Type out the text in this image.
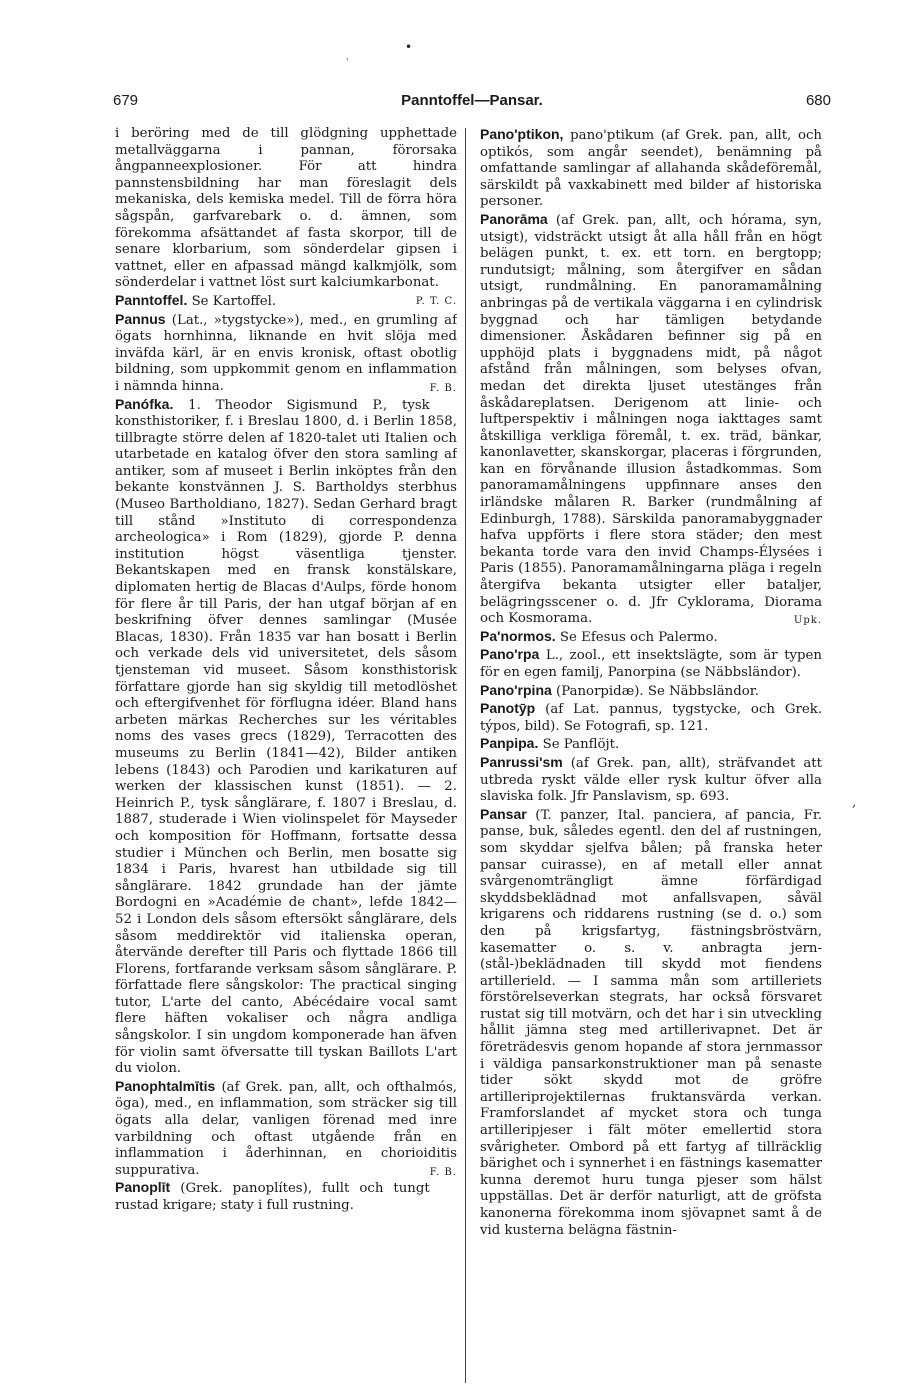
•
'
679	Panntoffel—Pansar.	680

i beröring med de till glödgning upphettade metallväggarna i pannan, förorsaka ångpanneexplosioner. För att hindra pannstensbildning har man föreslagit dels mekaniska, dels kemiska medel. Till de förra höra sågspån, garfvarebark o. d. ämnen, som förekomma afsättandet af fasta skorpor, till de senare klorbarium, som sönderdelar gipsen i vattnet, eller en afpassad mängd kalkmjölk, som sönderdelar i vattnet löst surt kalciumkarbonat.
P. T. C.

Panntoffel. Se Kartoffel.

Pannus (Lat., »tygstycke»), med., en grumling af ögats hornhinna, liknande en hvit slöja med inväfda kärl, är en envis kronisk, oftast obotlig bildning, som uppkommit genom en inflammation i nämnda hinna.	F. B.

Panófka. 1. Theodor Sigismund P., tysk konsthistoriker, f. i Breslau 1800, d. i Berlin 1858, tillbragte större delen af 1820-talet uti Italien och utarbetade en katalog öfver den stora samling af antiker, som af museet i Berlin inköptes från den bekante konstvännen J. S. Bartholdys sterbhus (Museo Bartholdiano, 1827). Sedan Gerhard bragt till stånd »Instituto di correspondenza archeologica» i Rom (1829), gjorde P. denna institution högst väsentliga tjenster. Bekantskapen med en fransk konstälskare, diplomaten hertig de Blacas d'Aulps, förde honom för flere år till Paris, der han utgaf början af en beskrifning öfver dennes samlingar (Musée Blacas, 1830). Från 1835 var han bosatt i Berlin och verkade dels vid universitetet, dels såsom tjensteman vid museet. Såsom konsthistorisk författare gjorde han sig skyldig till metodlöshet och eftergifvenhet för förflugna idéer. Bland hans arbeten märkas Recherches sur les véritables noms des vases grecs (1829), Terracotten des museums zu Berlin (1841—42), Bilder antiken lebens (1843) och Parodien und karikaturen auf werken der klassischen kunst (1851). — 2. Heinrich P., tysk sånglärare, f. 1807 i Breslau, d. 1887, studerade i Wien violinspelet för Mayseder och komposition för Hoffmann, fortsatte dessa studier i München och Berlin, men bosatte sig 1834 i Paris, hvarest han utbildade sig till sånglärare. 1842 grundade han der jämte Bordogni en »Académie de chant», lefde 1842—52 i London dels såsom eftersökt sånglärare, dels såsom meddirektör vid italienska operan, återvände derefter till Paris och flyttade 1866 till Florens, fortfarande verksam såsom sånglärare. P. författade flere sångskolor: The practical singing tutor, L'arte del canto, Abécédaire vocal samt flere häften vokaliser och några andliga sångskolor. I sin ungdom komponerade han äfven för violin samt öfversatte till tyskan Baillots L'art du violon.

Panophtalmītis (af Grek. pan, allt, och ofthalmós, öga), med., en inflammation, som sträcker sig till ögats alla delar, vanligen förenad med inre varbildning och oftast utgående från en inflammation i åderhinnan, en chorioiditis suppurativa.	F. B.

Panoplīt (Grek. panoplítes), fullt och tungt rustad krigare; staty i full rustning.

Pano'ptikon, pano'ptikum (af Grek. pan, allt, och optikós, som angår seendet), benämning på omfattande samlingar af allahanda skådeföremål, särskildt på vaxkabinett med bilder af historiska personer.

Panorāma (af Grek. pan, allt, och hórama, syn, utsigt), vidsträckt utsigt åt alla håll från en högt belägen punkt, t. ex. ett torn. en bergtopp; rundutsigt; målning, som återgifver en sådan utsigt, rundmålning. En panoramamålning anbringas på de vertikala väggarna i en cylindrisk byggnad och har tämligen betydande dimensioner. Åskådaren befinner sig på en upphöjd plats i byggnadens midt, på något afstånd från målningen, som belyses ofvan, medan det direkta ljuset utestänges från åskådareplatsen. Derigenom att linie- och luftperspektiv i målningen noga iakttages samt åtskilliga verkliga föremål, t. ex. träd, bänkar, kanonlavetter, skanskorgar, placeras i förgrunden, kan en förvånande illusion åstadkommas. Som panoramamålningens uppfinnare anses den irländske målaren R. Barker (rundmålning af Edinburgh, 1788). Särskilda panoramabyggnader hafva uppförts i flere stora städer; den mest bekanta torde vara den invid Champs-Élysées i Paris (1855). Panoramamålningarna pläga i regeln återgifva bekanta utsigter eller bataljer, belägringsscener o. d. Jfr Cyklorama, Diorama och Kosmorama.	Upk.

Pa'normos. Se Efesus och Palermo.

Pano'rpa L., zool., ett insektslägte, som är typen för en egen familj, Panorpina (se Näbbsländor).

Pano'rpina (Panorpidæ). Se Näbbsländor.

Panotȳp (af Lat. pannus, tygstycke, och Grek. týpos, bild). Se Fotografi, sp. 121.

Panpipa. Se Panflöjt.

Panrussi'sm (af Grek. pan, allt), sträfvandet att utbreda ryskt välde eller rysk kultur öfver alla slaviska folk. Jfr Panslavism, sp. 693.

Pansar (T. panzer, Ital. panciera, af pancia, Fr. panse, buk, således egentl. den del af rustningen, som skyddar sjelfva bålen; på franska heter pansar cuirasse), en af metall eller annat svårgenomträngligt ämne förfärdigad skyddsbeklädnad mot anfallsvapen, såväl krigarens och riddarens rustning (se d. o.) som den på krigsfartyg, fästningsbröstvärn, kasematter o. s. v. anbragta jern-(stål-)beklädnaden till skydd mot fiendens artillerield. — I samma mån som artilleriets förstörelseverkan stegrats, har också försvaret rustat sig till motvärn, och det har i sin utveckling hållit jämna steg med artillerivapnet. Det är företrädesvis genom hopande af stora jernmassor i väldiga pansarkonstruktioner man på senaste tider sökt skydd mot de gröfre artilleriprojektilernas fruktansvärda verkan. Framforslandet af mycket stora och tunga artilleripjeser i fält möter emellertid stora svårigheter. Ombord på ett fartyg af tillräcklig bärighet och i synnerhet i en fästnings kasematter kunna deremot huru tunga pjeser som hälst uppställas. Det är derför naturligt, att de gröfsta kanonerna förekomma inom sjövapnet samt å de vid kusterna belägna fästnin-

,
